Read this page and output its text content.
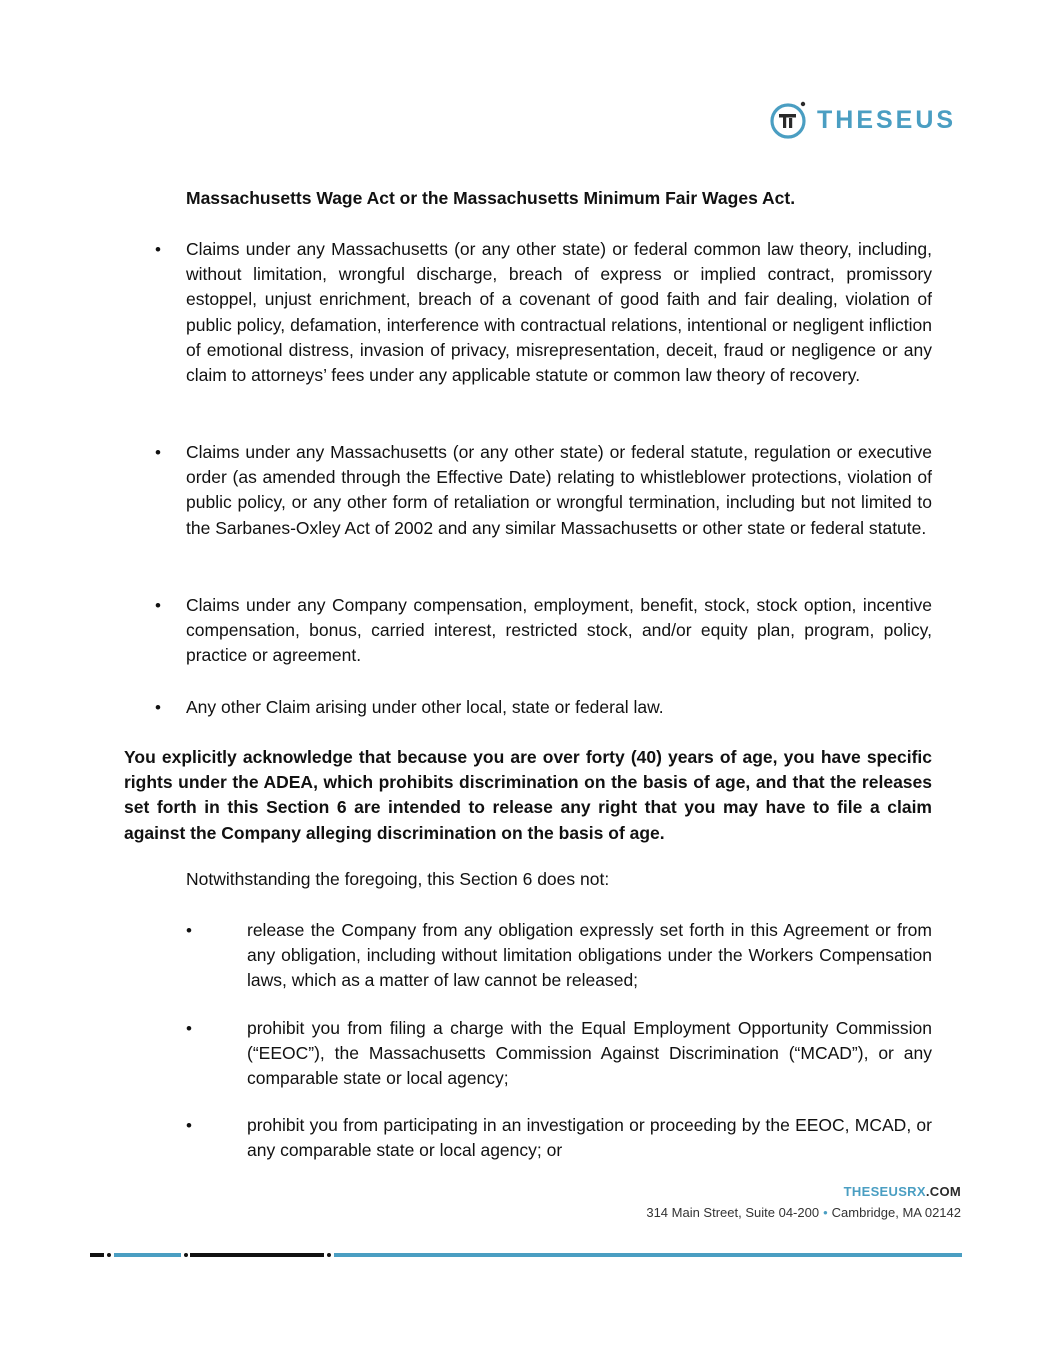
THESEUS

Massachusetts Wage Act or the Massachusetts Minimum Fair Wages Act.

• Claims under any Massachusetts (or any other state) or federal common law theory, including, without limitation, wrongful discharge, breach of express or implied contract, promissory estoppel, unjust enrichment, breach of a covenant of good faith and fair dealing, violation of public policy, defamation, interference with contractual relations, intentional or negligent infliction of emotional distress, invasion of privacy, misrepresentation, deceit, fraud or negligence or any claim to attorneys’ fees under any applicable statute or common law theory of recovery.

• Claims under any Massachusetts (or any other state) or federal statute, regulation or executive order (as amended through the Effective Date) relating to whistleblower protections, violation of public policy, or any other form of retaliation or wrongful termination, including but not limited to the Sarbanes-Oxley Act of 2002 and any similar Massachusetts or other state or federal statute.

• Claims under any Company compensation, employment, benefit, stock, stock option, incentive compensation, bonus, carried interest, restricted stock, and/or equity plan, program, policy, practice or agreement.

• Any other Claim arising under other local, state or federal law.

You explicitly acknowledge that because you are over forty (40) years of age, you have specific rights under the ADEA, which prohibits discrimination on the basis of age, and that the releases set forth in this Section 6 are intended to release any right that you may have to file a claim against the Company alleging discrimination on the basis of age.

Notwithstanding the foregoing, this Section 6 does not:

•	release the Company from any obligation expressly set forth in this Agreement or from any obligation, including without limitation obligations under the Workers Compensation laws, which as a matter of law cannot be released;

•	prohibit you from filing a charge with the Equal Employment Opportunity Commission (“EEOC”), the Massachusetts Commission Against Discrimination (“MCAD”), or any comparable state or local agency;

•	prohibit you from participating in an investigation or proceeding by the EEOC, MCAD, or any comparable state or local agency; or

THESEUSRX.COM
314 Main Street, Suite 04-200 • Cambridge, MA 02142
